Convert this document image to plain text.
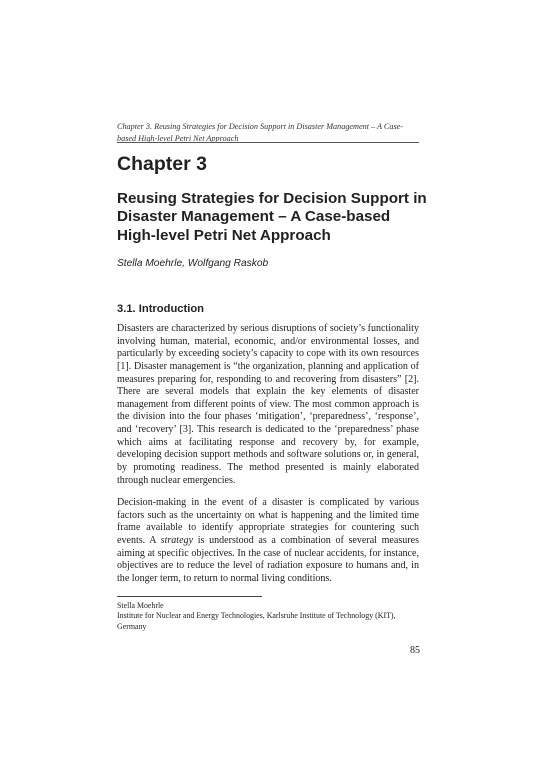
Chapter 3. Reusing Strategies for Decision Support in Disaster Management – A Case-based High-level Petri Net Approach
Chapter 3
Reusing Strategies for Decision Support in Disaster Management – A Case-based High-level Petri Net Approach
Stella Moehrle, Wolfgang Raskob
3.1. Introduction

Disasters are characterized by serious disruptions of society’s functionality involving human, material, economic, and/or environmental losses, and particularly by exceeding society’s capacity to cope with its own resources [1]. Disaster management is “the organization, planning and application of measures preparing for, responding to and recovering from disasters” [2]. There are several models that explain the key elements of disaster management from different points of view. The most common approach is the division into the four phases ‘mitigation’, ‘preparedness’, ‘response’, and ‘recovery’ [3]. This research is dedicated to the ‘preparedness’ phase which aims at facilitating response and recovery by, for example, developing decision support methods and software solutions or, in general, by promoting readiness. The method presented is mainly elaborated through nuclear emergencies.

Decision-making in the event of a disaster is complicated by various factors such as the uncertainty on what is happening and the limited time frame available to identify appropriate strategies for countering such events. A strategy is understood as a combination of several measures aiming at specific objectives. In the case of nuclear accidents, for instance, objectives are to reduce the level of radiation exposure to humans and, in the longer term, to return to normal living conditions.

Stella Moehrle
Institute for Nuclear and Energy Technologies, Karlsruhe Institute of Technology (KIT), Germany
85
